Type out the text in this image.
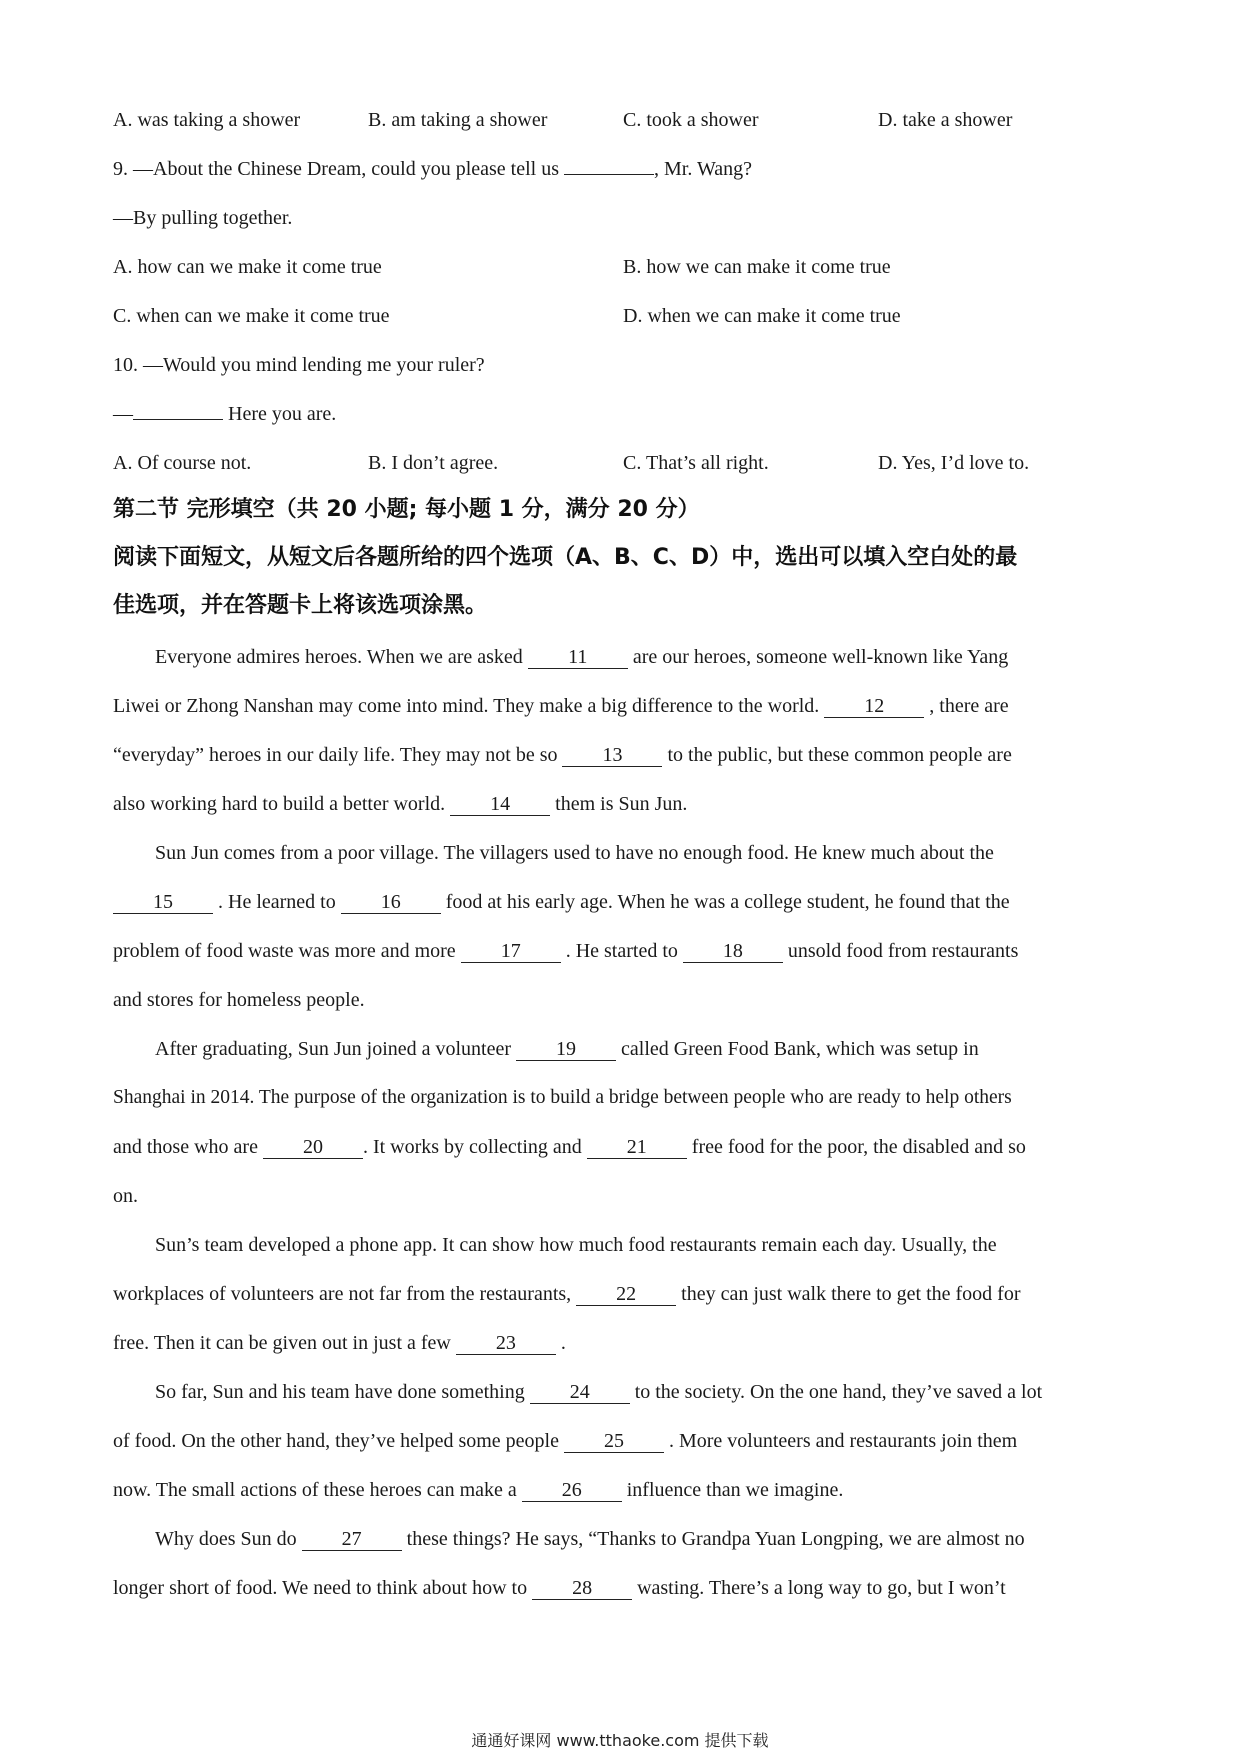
A. was taking a shower	B. am taking a shower	C. took a shower	D. take a shower
9. —About the Chinese Dream, could you please tell us	, Mr. Wang?
—By pulling together.
A. how can we make it come true	B. how we can make it come true
C. when can we make it come true	D. when we can make it come true
10. —Would you mind lending me your ruler?
—	Here you are.
A. Of course not.	B. I don’t agree.	C. That’s all right.	D. Yes, I’d love to.
第二节 完形填空（共 20 小题; 每小题 1 分，满分 20 分）
阅读下面短文，从短文后各题所给的四个选项（A、B、C、D）中，选出可以填入空白处的最
佳选项，并在答题卡上将该选项涂黑。
Everyone admires heroes. When we are asked 11 are our heroes, someone well-known like Yang
Liwei or Zhong Nanshan may come into mind. They make a big difference to the world. 12 , there are
“everyday” heroes in our daily life. They may not be so 13 to the public, but these common people are
also working hard to build a better world. 14 them is Sun Jun.
Sun Jun comes from a poor village. The villagers used to have no enough food. He knew much about the
15 . He learned to 16 food at his early age. When he was a college student, he found that the
problem of food waste was more and more 17 . He started to 18 unsold food from restaurants
and stores for homeless people.
After graduating, Sun Jun joined a volunteer 19 called Green Food Bank, which was setup in
Shanghai in 2014. The purpose of the organization is to build a bridge between people who are ready to help others
and those who are 20 . It works by collecting and 21 free food for the poor, the disabled and so
on.
Sun’s team developed a phone app. It can show how much food restaurants remain each day. Usually, the
workplaces of volunteers are not far from the restaurants, 22 they can just walk there to get the food for
free. Then it can be given out in just a few 23 .
So far, Sun and his team have done something 24 to the society. On the one hand, they’ve saved a lot
of food. On the other hand, they’ve helped some people 25 . More volunteers and restaurants join them
now. The small actions of these heroes can make a 26 influence than we imagine.
Why does Sun do 27 these things? He says, “Thanks to Grandpa Yuan Longping, we are almost no
longer short of food. We need to think about how to 28 wasting. There’s a long way to go, but I won’t
通通好课网 www.tthaoke.com 提供下载
